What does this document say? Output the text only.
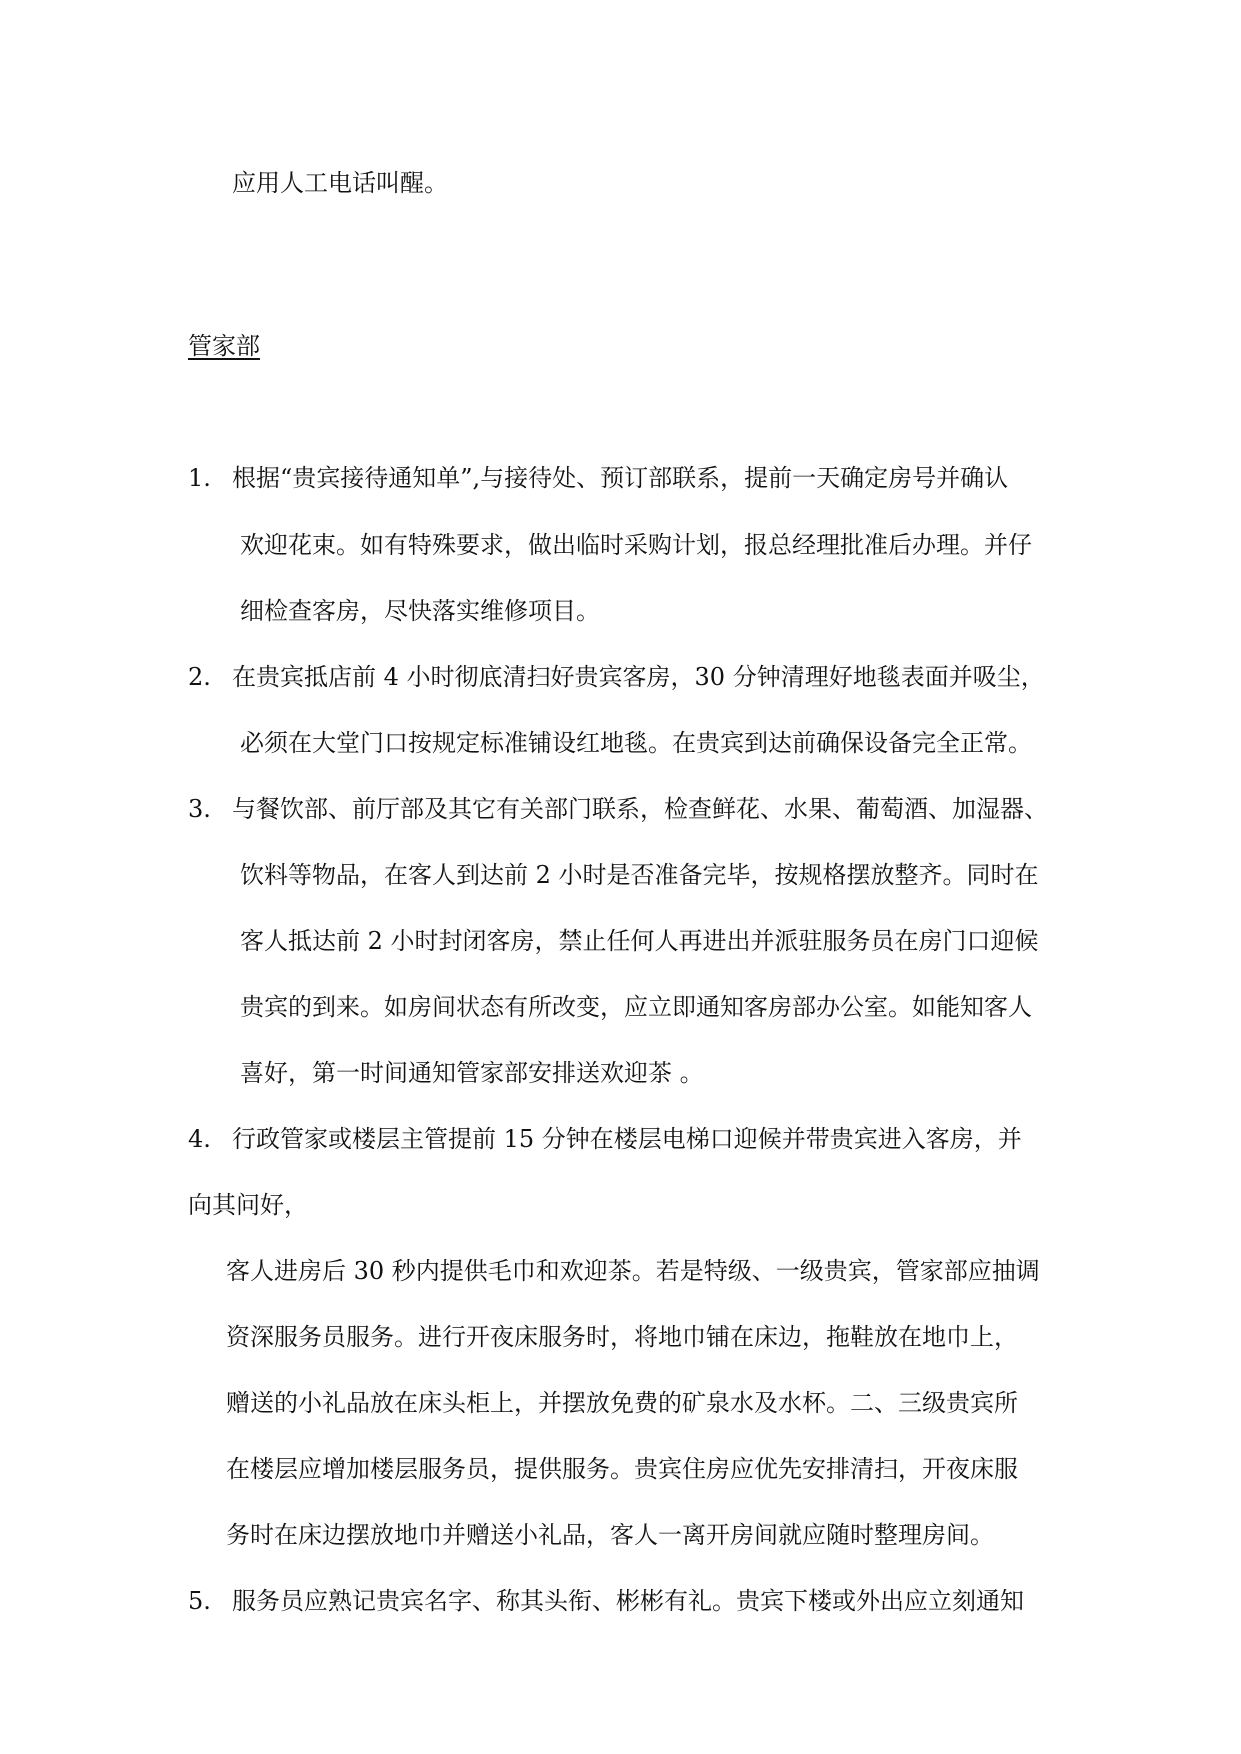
应用人工电话叫醒。
管家部
1. 根据“贵宾接待通知单”,与接待处、预订部联系，提前一天确定房号并确认
欢迎花束。如有特殊要求，做出临时采购计划，报总经理批准后办理。并仔
细检查客房，尽快落实维修项目。
2. 在贵宾抵店前 4 小时彻底清扫好贵宾客房，30 分钟清理好地毯表面并吸尘，
必须在大堂门口按规定标准铺设红地毯。在贵宾到达前确保设备完全正常。
3. 与餐饮部、前厅部及其它有关部门联系，检查鲜花、水果、葡萄酒、加湿器、
饮料等物品，在客人到达前 2 小时是否准备完毕，按规格摆放整齐。同时在
客人抵达前 2 小时封闭客房，禁止任何人再进出并派驻服务员在房门口迎候
贵宾的到来。如房间状态有所改变，应立即通知客房部办公室。如能知客人
喜好，第一时间通知管家部安排送欢迎茶 。
4. 行政管家或楼层主管提前 15 分钟在楼层电梯口迎候并带贵宾进入客房，并
向其问好，
客人进房后 30 秒内提供毛巾和欢迎茶。若是特级、一级贵宾，管家部应抽调
资深服务员服务。进行开夜床服务时，将地巾铺在床边，拖鞋放在地巾上，
赠送的小礼品放在床头柜上，并摆放免费的矿泉水及水杯。二、三级贵宾所
在楼层应增加楼层服务员，提供服务。贵宾住房应优先安排清扫，开夜床服
务时在床边摆放地巾并赠送小礼品，客人一离开房间就应随时整理房间。
5. 服务员应熟记贵宾名字、称其头衔、彬彬有礼。贵宾下楼或外出应立刻通知
